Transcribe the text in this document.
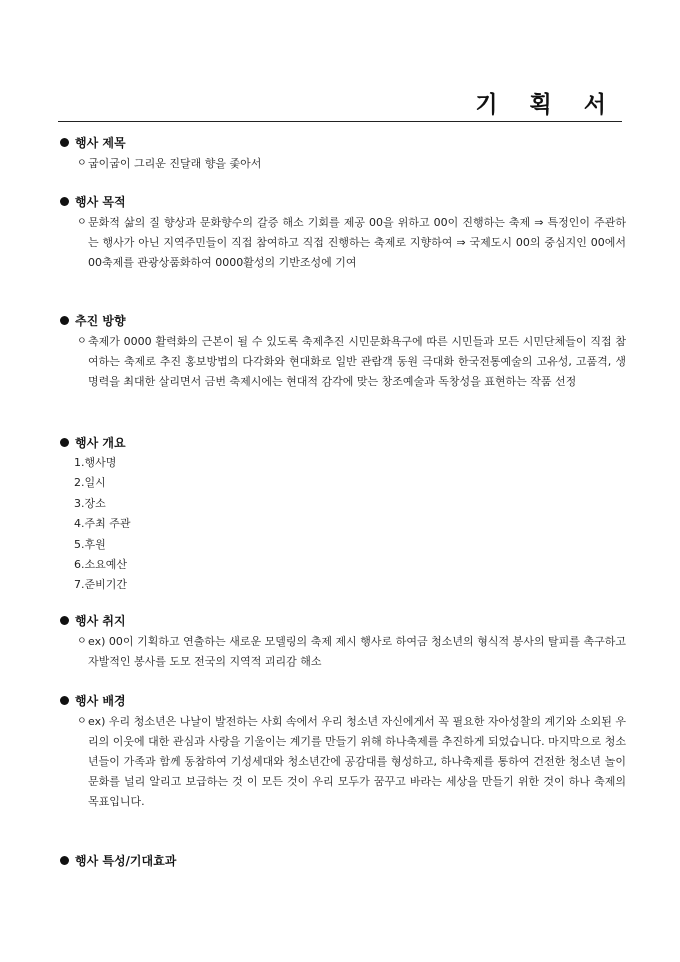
기 획 서
행사 제목
ㅇ 굽이굽이 그리운 진달래 향을 좇아서
행사 목적
ㅇ 문화적 삶의 질 향상과 문화향수의 갈증 해소 기회를 제공 00을 위하고 00이 진행하는 축제 ⇒ 특정인이 주관하는 행사가 아닌 지역주민들이 직접 참여하고 직접 진행하는 축제로 지향하여 ⇒ 국제도시 00의 중심지인 00에서 00축제를 관광상품화하여 0000활성의 기반조성에 기여
추진 방향
ㅇ 축제가 0000 활력화의 근본이 될 수 있도록 축제추진 시민문화욕구에 따른 시민들과 모든 시민단체들이 직접 참여하는 축제로 추진 홍보방법의 다각화와 현대화로 일반 관람객 동원 극대화 한국전통예술의 고유성, 고품격, 생명력을 최대한 살리면서 금번 축제시에는 현대적 감각에 맞는 창조예술과 독창성을 표현하는 작품 선정
행사 개요
1.행사명
2.일시
3.장소
4.주최 주관
5.후원
6.소요예산
7.준비기간
행사 취지
ㅇ ex) 00이 기획하고 연출하는 새로운 모델링의 축제 제시 행사로 하여금 청소년의 형식적 봉사의 탈피를 촉구하고 자발적인 봉사를 도모 전국의 지역적 괴리감 해소
행사 배경
ㅇ ex) 우리 청소년은 나날이 발전하는 사회 속에서 우리 청소년 자신에게서 꼭 필요한 자아성찰의 계기와 소외된 우리의 이웃에 대한 관심과 사랑을 기울이는 계기를 만들기 위해 하나축제를 추진하게 되었습니다. 마지막으로 청소년들이 가족과 함께 동참하여 기성세대와 청소년간에 공감대를 형성하고, 하나축제를 통하여 건전한 청소년 놀이문화를 널리 알리고 보급하는 것 이 모든 것이 우리 모두가 꿈꾸고 바라는 세상을 만들기 위한 것이 하나 축제의 목표입니다.
행사 특성/기대효과
